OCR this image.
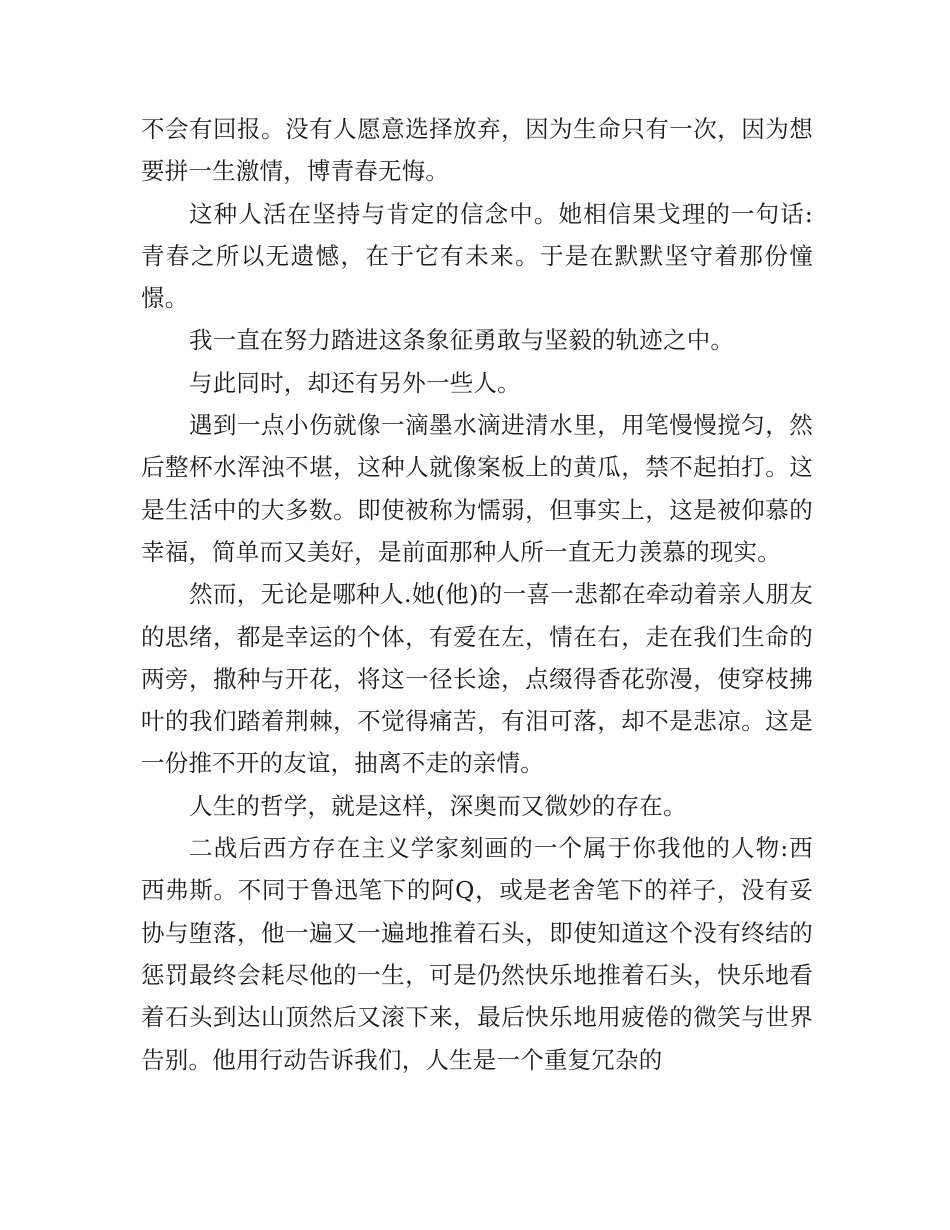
不会有回报。没有人愿意选择放弃，因为生命只有一次，因为想要拼一生激情，博青春无悔。

这种人活在坚持与肯定的信念中。她相信果戈理的一句话:青春之所以无遗憾，在于它有未来。于是在默默坚守着那份憧憬。

我一直在努力踏进这条象征勇敢与坚毅的轨迹之中。

与此同时，却还有另外一些人。

遇到一点小伤就像一滴墨水滴进清水里，用笔慢慢搅匀，然后整杯水浑浊不堪，这种人就像案板上的黄瓜，禁不起拍打。这是生活中的大多数。即使被称为懦弱，但事实上，这是被仰慕的幸福，简单而又美好，是前面那种人所一直无力羡慕的现实。

然而，无论是哪种人.她(他)的一喜一悲都在牵动着亲人朋友的思绪，都是幸运的个体，有爱在左，情在右，走在我们生命的两旁，撒种与开花，将这一径长途，点缀得香花弥漫，使穿枝拂叶的我们踏着荆棘，不觉得痛苦，有泪可落，却不是悲凉。这是一份推不开的友谊，抽离不走的亲情。

人生的哲学，就是这样，深奥而又微妙的存在。

二战后西方存在主义学家刻画的一个属于你我他的人物:西西弗斯。不同于鲁迅笔下的阿Q，或是老舍笔下的祥子，没有妥协与堕落，他一遍又一遍地推着石头，即使知道这个没有终结的惩罚最终会耗尽他的一生，可是仍然快乐地推着石头，快乐地看着石头到达山顶然后又滚下来，最后快乐地用疲倦的微笑与世界告别。他用行动告诉我们，人生是一个重复冗杂的
